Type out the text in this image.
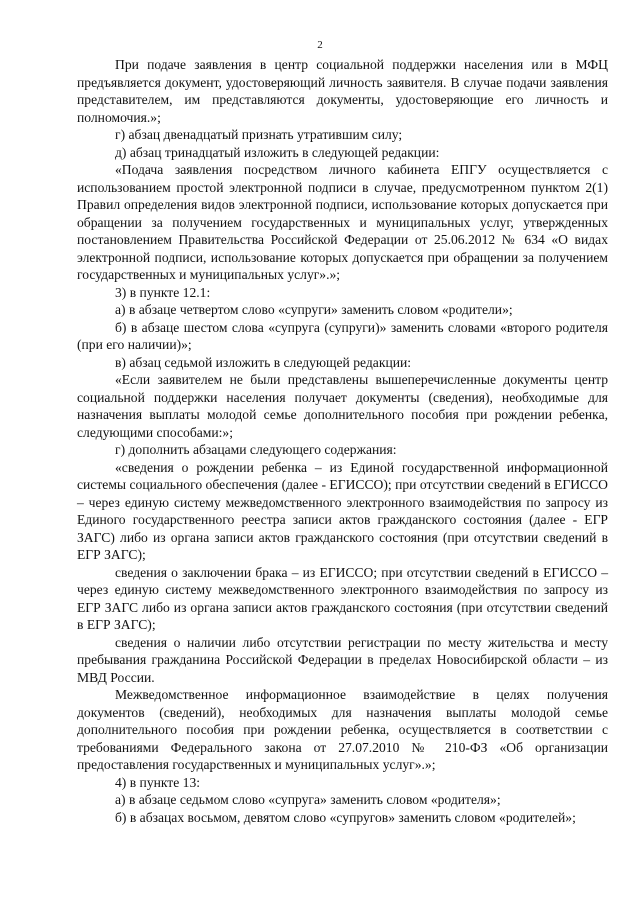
2

При подаче заявления в центр социальной поддержки населения или в МФЦ предъявляется документ, удостоверяющий личность заявителя. В случае подачи заявления представителем, им представляются документы, удостоверяющие его личность и полномочия.»;

г) абзац двенадцатый признать утратившим силу;

д) абзац тринадцатый изложить в следующей редакции:

«Подача заявления посредством личного кабинета ЕПГУ осуществляется с использованием простой электронной подписи в случае, предусмотренном пунктом 2(1) Правил определения видов электронной подписи, использование которых допускается при обращении за получением государственных и муниципальных услуг, утвержденных постановлением Правительства Российской Федерации от 25.06.2012 № 634 «О видах электронной подписи, использование которых допускается при обращении за получением государственных и муниципальных услуг».»;

3) в пункте 12.1:

а) в абзаце четвертом слово «супруги» заменить словом «родители»;

б) в абзаце шестом слова «супруга (супруги)» заменить словами «второго родителя (при его наличии)»;

в) абзац седьмой изложить в следующей редакции:

«Если заявителем не были представлены вышеперечисленные документы центр социальной поддержки населения получает документы (сведения), необходимые для назначения выплаты молодой семье дополнительного пособия при рождении ребенка, следующими способами:»;

г) дополнить абзацами следующего содержания:

«сведения о рождении ребенка – из Единой государственной информационной системы социального обеспечения (далее - ЕГИССО); при отсутствии сведений в ЕГИССО – через единую систему межведомственного электронного взаимодействия по запросу из Единого государственного реестра записи актов гражданского состояния (далее - ЕГР ЗАГС) либо из органа записи актов гражданского состояния (при отсутствии сведений в ЕГР ЗАГС);

сведения о заключении брака – из ЕГИССО; при отсутствии сведений в ЕГИССО – через единую систему межведомственного электронного взаимодействия по запросу из ЕГР ЗАГС либо из органа записи актов гражданского состояния (при отсутствии сведений в ЕГР ЗАГС);

сведения о наличии либо отсутствии регистрации по месту жительства и месту пребывания гражданина Российской Федерации в пределах Новосибирской области – из МВД России.

Межведомственное информационное взаимодействие в целях получения документов (сведений), необходимых для назначения выплаты молодой семье дополнительного пособия при рождении ребенка, осуществляется в соответствии с требованиями Федерального закона от 27.07.2010 № 210-ФЗ «Об организации предоставления государственных и муниципальных услуг».»;

4) в пункте 13:

а) в абзаце седьмом слово «супруга» заменить словом «родителя»;

б) в абзацах восьмом, девятом слово «супругов» заменить словом «родителей»;
